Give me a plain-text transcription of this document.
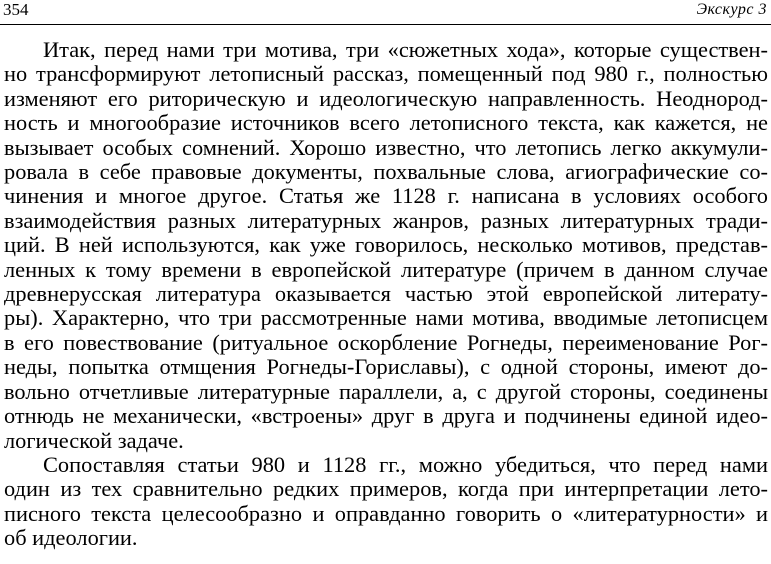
354	Экскурс 3

Итак, перед нами три мотива, три «сюжетных хода», которые существен-
но трансформируют летописный рассказ, помещенный под 980 г., полностью
изменяют его риторическую и идеологическую направленность. Неоднород-
ность и многообразие источников всего летописного текста, как кажется, не
вызывает особых сомнений. Хорошо известно, что летопись легко аккумули-
ровала в себе правовые документы, похвальные слова, агиографические со-
чинения и многое другое. Статья же 1128 г. написана в условиях особого
взаимодействия разных литературных жанров, разных литературных тради-
ций. В ней используются, как уже говорилось, несколько мотивов, представ-
ленных к тому времени в европейской литературе (причем в данном случае
древнерусская литература оказывается частью этой европейской литерату-
ры). Характерно, что три рассмотренные нами мотива, вводимые летописцем
в его повествование (ритуальное оскорбление Рогнеды, переименование Рог-
неды, попытка отмщения Рогнеды-Гориславы), с одной стороны, имеют до-
вольно отчетливые литературные параллели, а, с другой стороны, соединены
отнюдь не механически, «встроены» друг в друга и подчинены единой идео-
логической задаче.

Сопоставляя статьи 980 и 1128 гг., можно убедиться, что перед нами
один из тех сравнительно редких примеров, когда при интерпретации лето-
писного текста целесообразно и оправданно говорить о «литературности» и
об идеологии.
